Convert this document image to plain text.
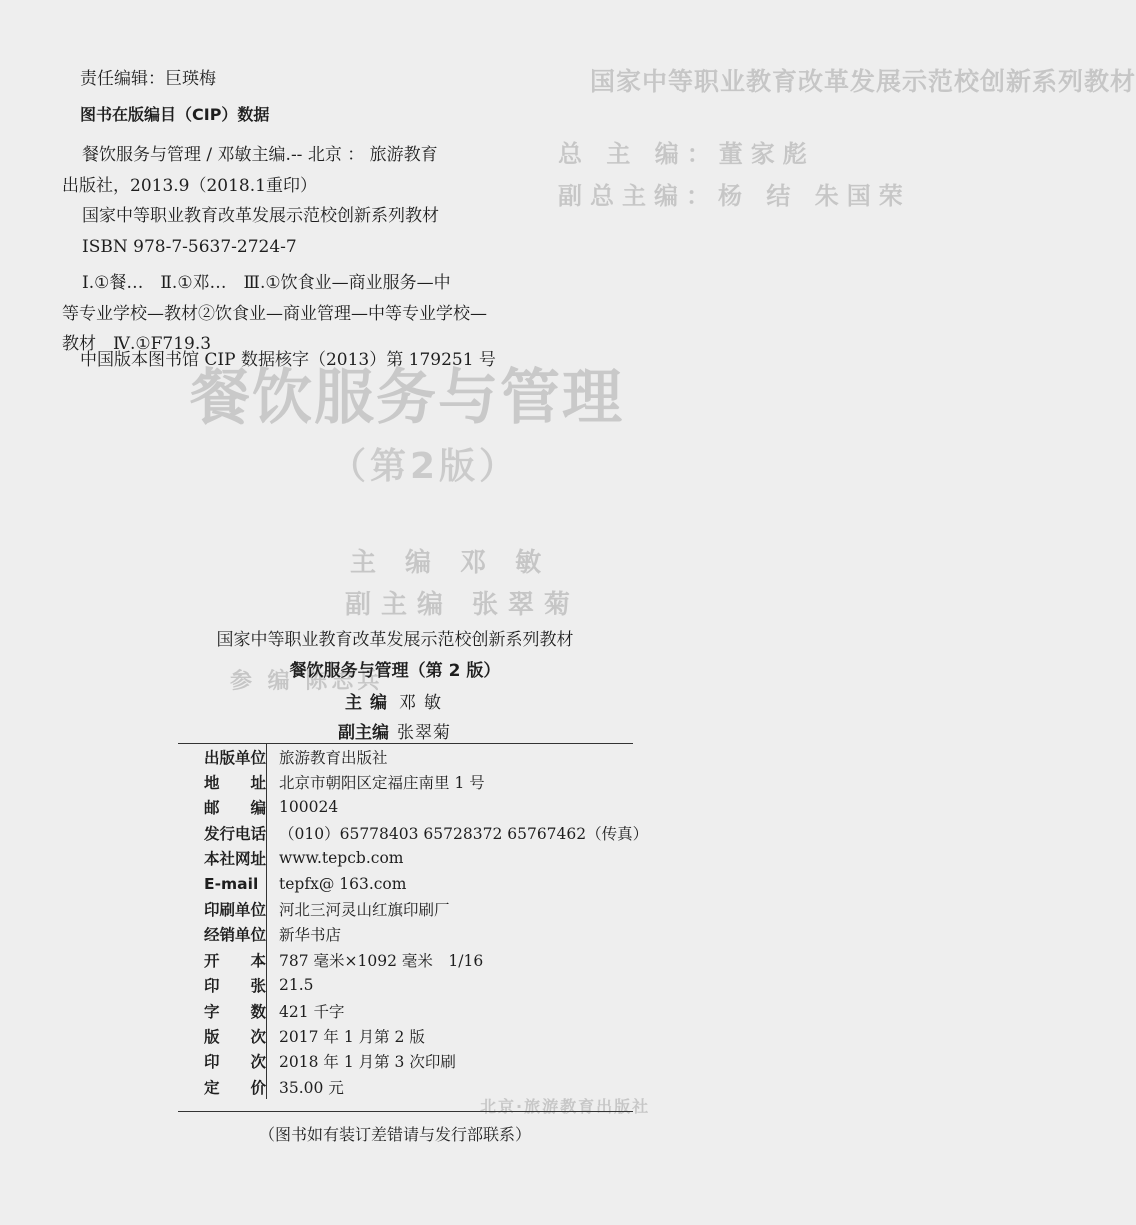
国家中等职业教育改革发展示范校创新系列教材
总 主 编：董家彪
副总主编：杨 结 朱国荣
餐饮服务与管理
（第2版）
主 编 邓 敏
副主编 张翠菊
参 编 陈志兵
北京·旅游教育出版社
责任编辑：巨瑛梅
图书在版编目（CIP）数据

餐饮服务与管理 / 邓敏主编.-- 北京 ： 旅游教育

出版社，2013.9（2018.1重印）

国家中等职业教育改革发展示范校创新系列教材

ISBN 978-7-5637-2724-7

Ⅰ.①餐…　Ⅱ.①邓…　Ⅲ.①饮食业—商业服务—中

等专业学校—教材②饮食业—商业管理—中等专业学校—

教材　Ⅳ.①F719.3

中国版本图书馆 CIP 数据核字（2013）第 179251 号
国家中等职业教育改革发展示范校创新系列教材
餐饮服务与管理（第 2 版）
主编 邓敏
副主编 张翠菊
出版单位	旅游教育出版社
地　　址	北京市朝阳区定福庄南里 1 号
邮　　编	100024
发行电话	（010）65778403 65728372 65767462（传真）
本社网址	www.tepcb.com
E-mail	tepfx@ 163.com
印刷单位	河北三河灵山红旗印刷厂
经销单位	新华书店
开　　本	787 毫米×1092 毫米　1/16
印　　张	21.5
字　　数	421 千字
版　　次	2017 年 1 月第 2 版
印　　次	2018 年 1 月第 3 次印刷
定　　价	35.00 元
（图书如有装订差错请与发行部联系）
